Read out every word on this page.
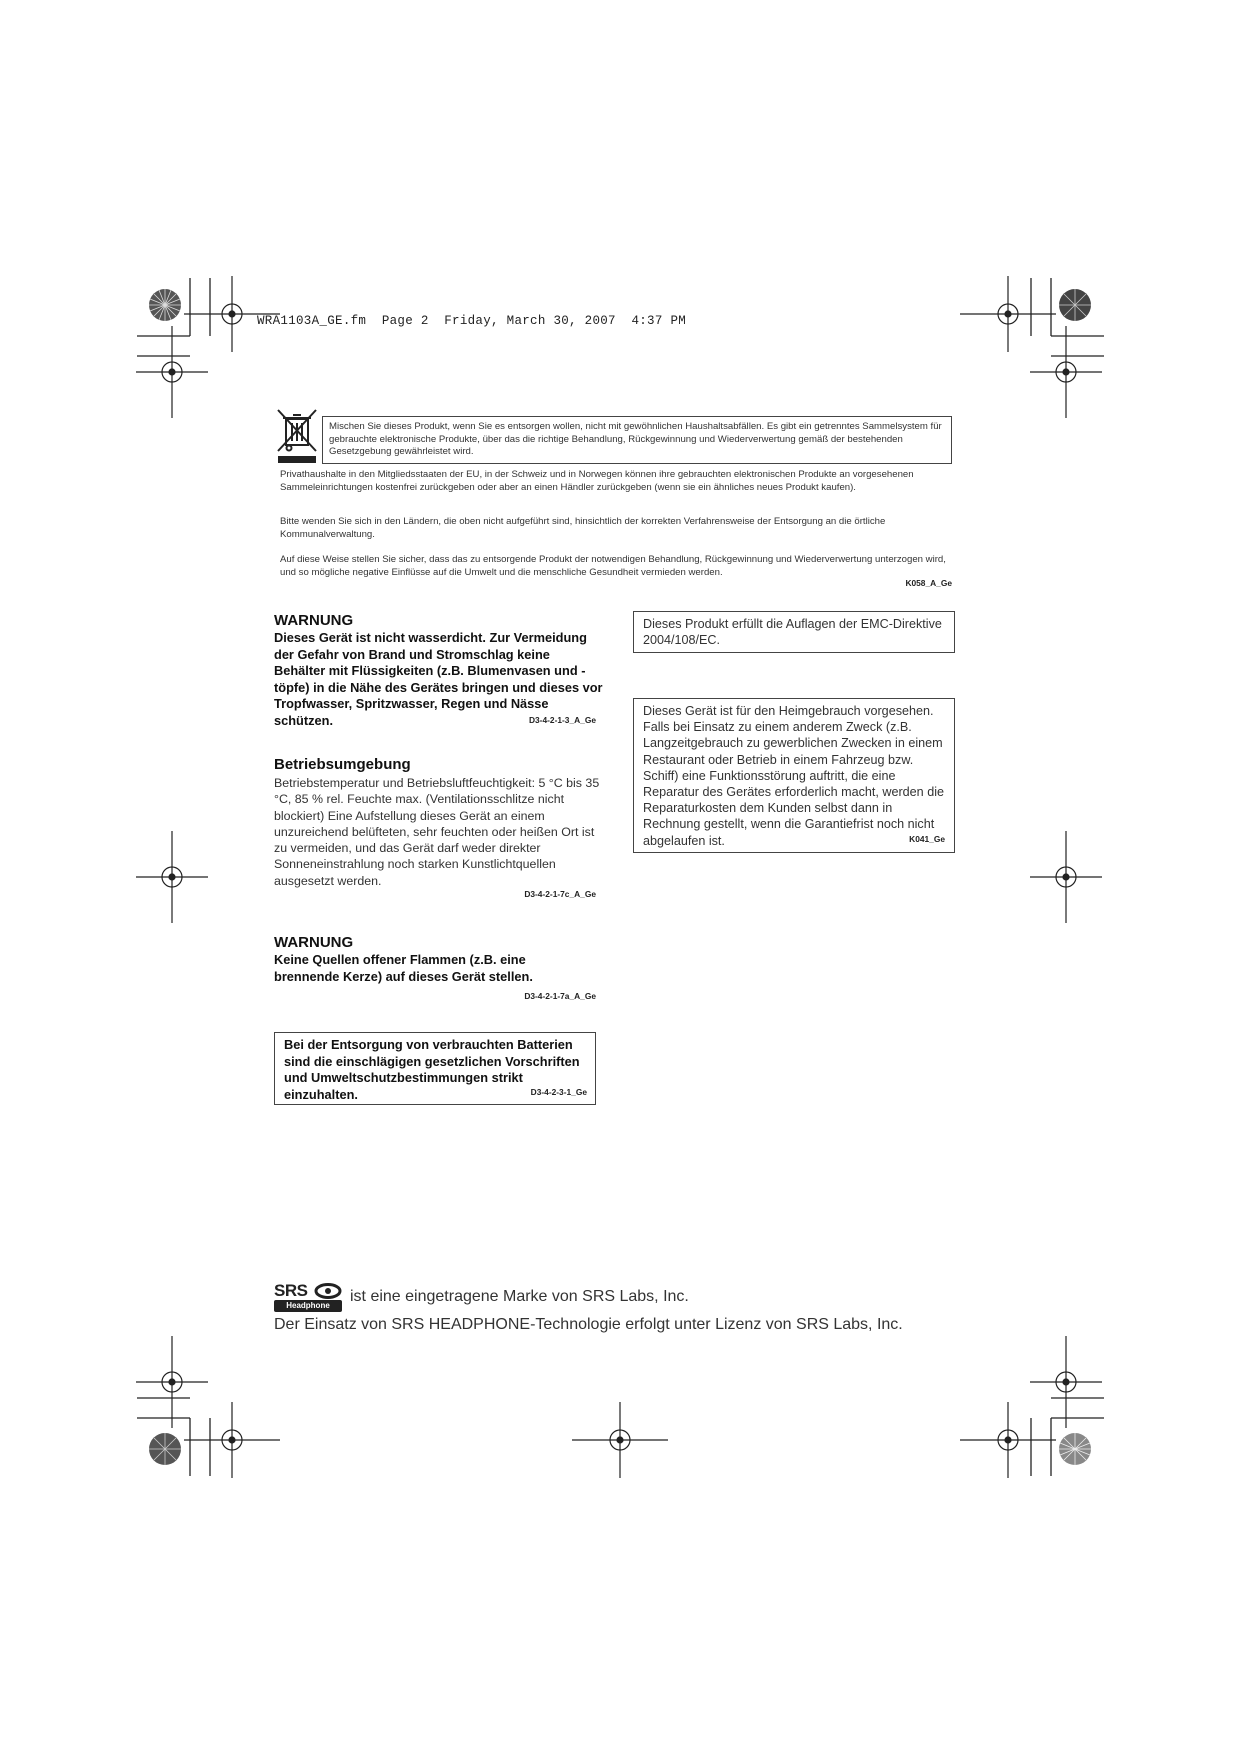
WRA1103A_GE.fm  Page 2  Friday, March 30, 2007  4:37 PM
Mischen Sie dieses Produkt, wenn Sie es entsorgen wollen, nicht mit gewöhnlichen Haushaltsabfällen. Es gibt ein getrenntes Sammelsystem für gebrauchte elektronische Produkte, über das die richtige Behandlung, Rückgewinnung und Wiederverwertung gemäß der bestehenden Gesetzgebung gewährleistet wird.
Privathaushalte in den Mitgliedsstaaten der EU, in der Schweiz und in Norwegen können ihre gebrauchten elektronischen Produkte an vorgesehenen Sammeleinrichtungen kostenfrei zurückgeben oder aber an einen Händler zurückgeben (wenn sie ein ähnliches neues Produkt kaufen).
Bitte wenden Sie sich in den Ländern, die oben nicht aufgeführt sind, hinsichtlich der korrekten Verfahrensweise der Entsorgung an die örtliche Kommunalverwaltung.
Auf diese Weise stellen Sie sicher, dass das zu entsorgende Produkt der notwendigen Behandlung, Rückgewinnung und Wiederverwertung unterzogen wird, und so mögliche negative Einflüsse auf die Umwelt und die menschliche Gesundheit vermieden werden.
K058_A_Ge
WARNUNG
Dieses Gerät ist nicht wasserdicht. Zur Vermeidung der Gefahr von Brand und Stromschlag keine Behälter mit Flüssigkeiten (z.B. Blumenvasen und -töpfe) in die Nähe des Gerätes bringen und dieses vor Tropfwasser, Spritzwasser, Regen und Nässe schützen.	D3-4-2-1-3_A_Ge
Betriebsumgebung
Betriebstemperatur und Betriebsluftfeuchtigkeit: 5 °C bis 35 °C, 85 % rel. Feuchte max. (Ventilationsschlitze nicht blockiert) Eine Aufstellung dieses Gerät an einem unzureichend belüfteten, sehr feuchten oder heißen Ort ist zu vermeiden, und das Gerät darf weder direkter Sonneneinstrahlung noch starken Kunstlichtquellen ausgesetzt werden.
D3-4-2-1-7c_A_Ge
WARNUNG
Keine Quellen offener Flammen (z.B. eine brennende Kerze) auf dieses Gerät stellen.
D3-4-2-1-7a_A_Ge
Bei der Entsorgung von verbrauchten Batterien sind die einschlägigen gesetzlichen Vorschriften und Umweltschutzbestimmungen strikt einzuhalten.	D3-4-2-3-1_Ge
Dieses Produkt erfüllt die Auflagen der EMC-Direktive 2004/108/EC.
Dieses Gerät ist für den Heimgebrauch vorgesehen. Falls bei Einsatz zu einem anderem Zweck (z.B. Langzeitgebrauch zu gewerblichen Zwecken in einem Restaurant oder Betrieb in einem Fahrzeug bzw. Schiff) eine Funktionsstörung auftritt, die eine Reparatur des Gerätes erforderlich macht, werden die Reparaturkosten dem Kunden selbst dann in Rechnung gestellt, wenn die Garantiefrist noch nicht abgelaufen ist.	K041_Ge
SRS
Headphone
ist eine eingetragene Marke von SRS Labs, Inc.
Der Einsatz von SRS HEADPHONE-Technologie erfolgt unter Lizenz von SRS Labs, Inc.
